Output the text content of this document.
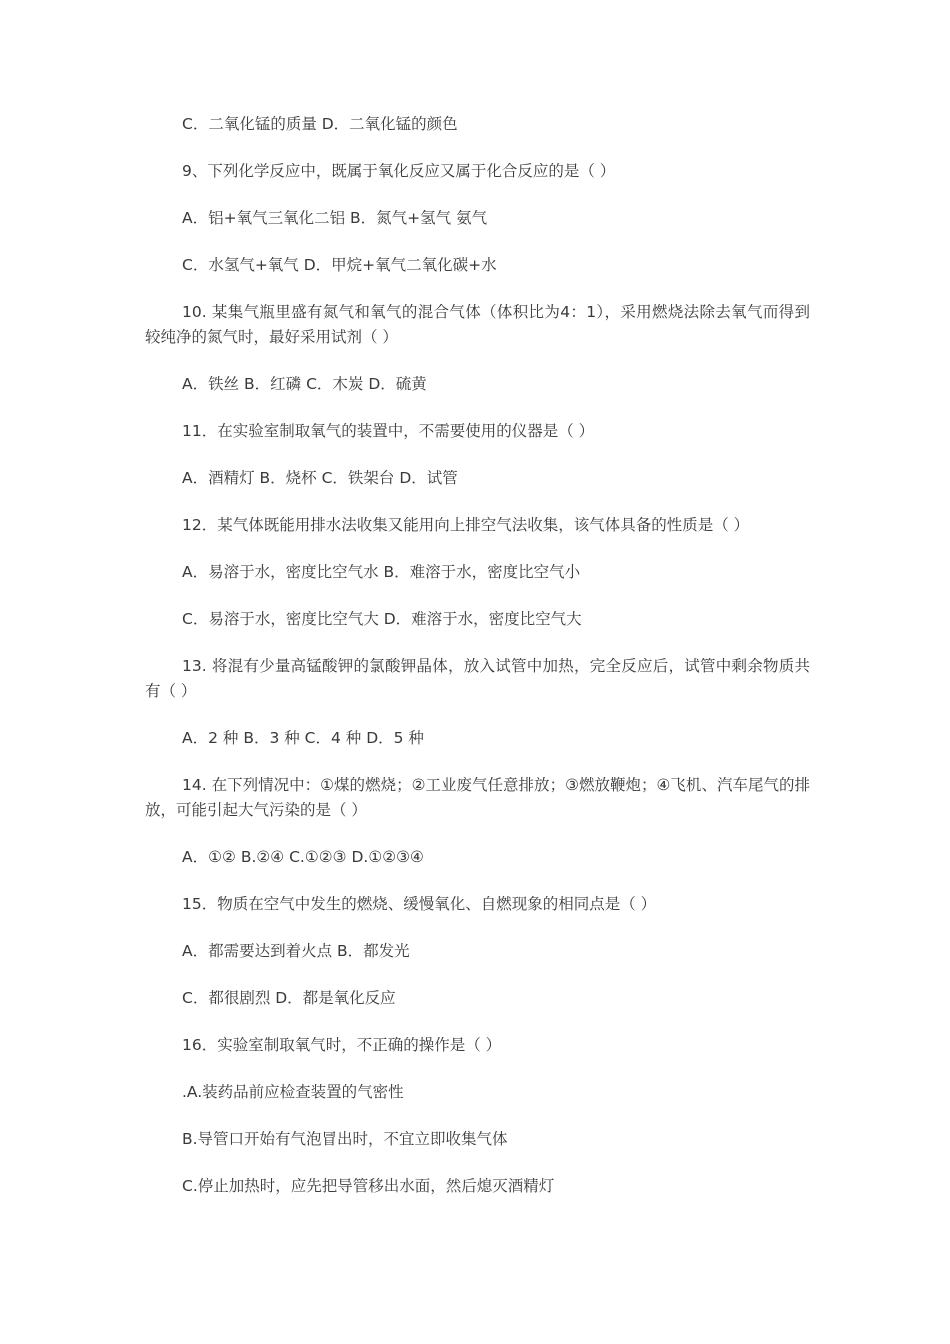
C．二氧化锰的质量 D．二氧化锰的颜色

9、下列化学反应中，既属于氧化反应又属于化合反应的是（ ）

A．铝+氧气三氧化二铝 B．氮气+氢气 氨气

C．水氢气+氧气 D．甲烷+氧气二氧化碳+水

10. 某集气瓶里盛有氮气和氧气的混合气体（体积比为4：1），采用燃烧法除去氧气而得到较纯净的氮气时，最好采用试剂（ ）

A．铁丝 B．红磷 C．木炭 D．硫黄

11．在实验室制取氧气的装置中，不需要使用的仪器是（ ）

A．酒精灯 B．烧杯 C．铁架台 D．试管

12．某气体既能用排水法收集又能用向上排空气法收集，该气体具备的性质是（ ）

A．易溶于水，密度比空气水 B．难溶于水，密度比空气小

C．易溶于水，密度比空气大 D．难溶于水，密度比空气大

13. 将混有少量高锰酸钾的氯酸钾晶体，放入试管中加热，完全反应后，试管中剩余物质共有（ ）

A．2 种 B．3 种 C．4 种 D．5 种

14. 在下列情况中：①煤的燃烧；②工业废气任意排放；③燃放鞭炮；④飞机、汽车尾气的排放，可能引起大气污染的是（ ）

A．①② B.②④ C.①②③ D.①②③④

15．物质在空气中发生的燃烧、缓慢氧化、自燃现象的相同点是（ ）

A．都需要达到着火点 B．都发光

C．都很剧烈 D．都是氧化反应

16．实验室制取氧气时，不正确的操作是（ ）

.A.装药品前应检查装置的气密性

B.导管口开始有气泡冒出时，不宜立即收集气体

C.停止加热时，应先把导管移出水面，然后熄灭酒精灯
